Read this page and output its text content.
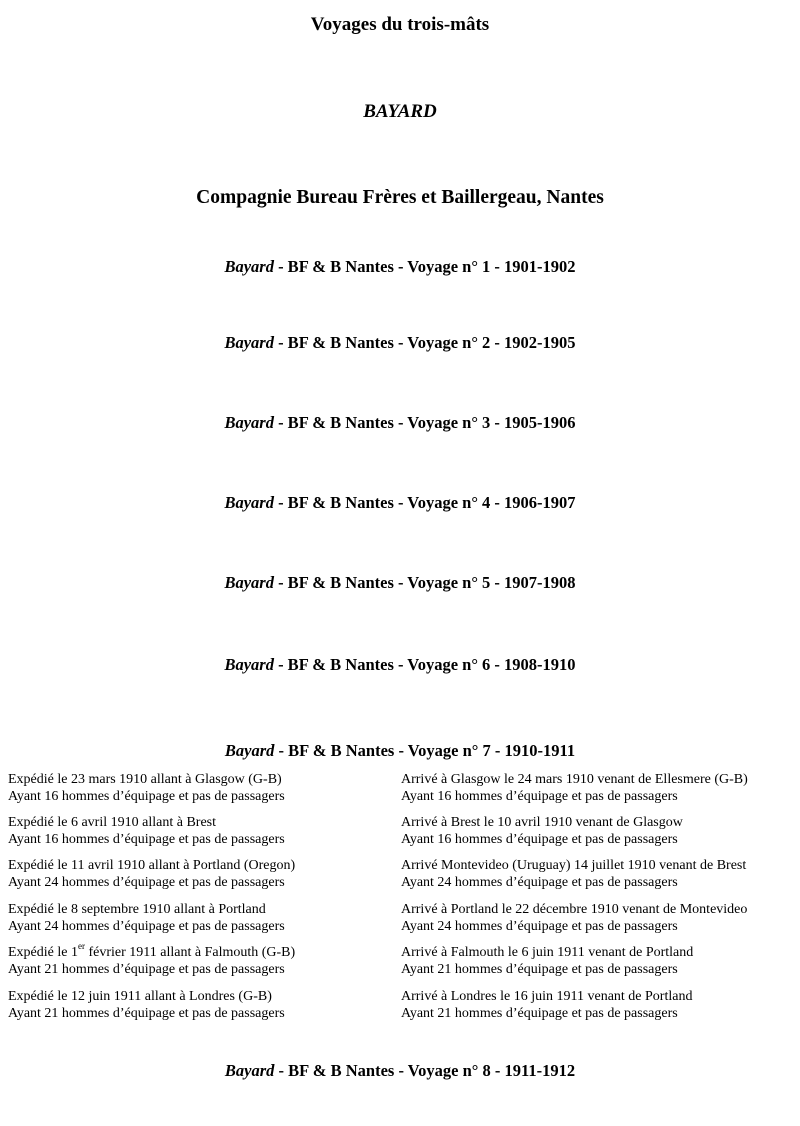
Voyages du trois-mâts
BAYARD
Compagnie Bureau Frères et Baillergeau, Nantes
Bayard - BF & B Nantes - Voyage n° 1 - 1901-1902
Bayard - BF & B Nantes - Voyage n° 2 - 1902-1905
Bayard - BF & B Nantes - Voyage n° 3 - 1905-1906
Bayard - BF & B Nantes - Voyage n° 4 - 1906-1907
Bayard - BF & B Nantes - Voyage n° 5 - 1907-1908
Bayard - BF & B Nantes - Voyage n° 6 - 1908-1910
Bayard - BF & B Nantes - Voyage n° 7 - 1910-1911
Expédié le 23 mars 1910 allant à Glasgow (G-B)
Ayant 16 hommes d’équipage et pas de passagers
Arrivé à Glasgow le 24 mars 1910 venant de Ellesmere (G-B)
Ayant 16 hommes d’équipage et pas de passagers
Expédié le 6 avril 1910 allant à Brest
Ayant 16 hommes d’équipage et pas de passagers
Arrivé à Brest le 10 avril 1910 venant de Glasgow
Ayant 16 hommes d’équipage et pas de passagers
Expédié le 11 avril 1910 allant à Portland (Oregon)
Ayant 24 hommes d’équipage et pas de passagers
Arrivé Montevideo (Uruguay) 14 juillet 1910 venant de Brest
Ayant 24 hommes d’équipage et pas de passagers
Expédié le 8 septembre 1910 allant à Portland
Ayant 24 hommes d’équipage et pas de passagers
Arrivé à Portland le 22 décembre 1910 venant de Montevideo
Ayant 24 hommes d’équipage et pas de passagers
Expédié le 1er février 1911 allant à Falmouth (G-B)
Ayant 21 hommes d’équipage et pas de passagers
Arrivé à Falmouth le 6 juin 1911 venant de Portland
Ayant 21 hommes d’équipage et pas de passagers
Expédié le 12 juin 1911 allant à Londres (G-B)
Ayant 21 hommes d’équipage et pas de passagers
Arrivé à Londres le 16 juin 1911 venant de Portland
Ayant 21 hommes d’équipage et pas de passagers
Bayard - BF & B Nantes - Voyage n° 8 - 1911-1912
